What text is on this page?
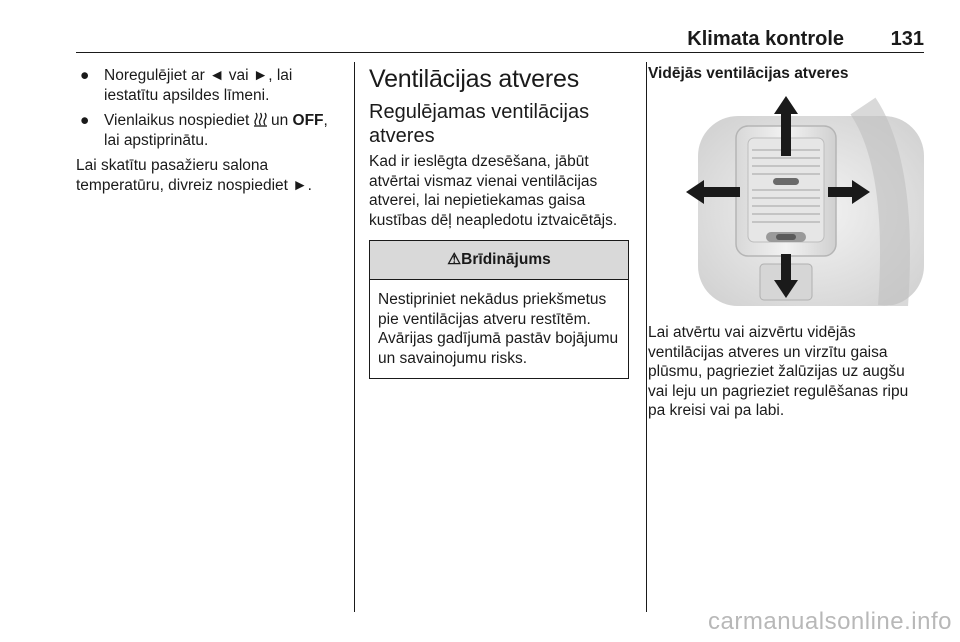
Klimata kontrole 131
● Noregulējiet ar ◄ vai ►, lai iestatītu apsildes līmeni.
● Vienlaikus nospiediet  un OFF, lai apstiprinātu.
Lai skatītu pasažieru salona temperatūru, divreiz nospiediet ►.
Ventilācijas atveres
Regulējamas ventilācijas atveres
Kad ir ieslēgta dzesēšana, jābūt atvērtai vismaz vienai ventilācijas atverei, lai nepietiekamas gaisa kustības dēļ neapledotu iztvaicētājs.
⚠Brīdinājums
Nestipriniet nekādus priekšmetus pie ventilācijas atveru restītēm. Avārijas gadījumā pastāv bojājumu un savainojumu risks.
Vidējās ventilācijas atveres
Lai atvērtu vai aizvērtu vidējās ventilācijas atveres un virzītu gaisa plūsmu, pagrieziet žalūzijas uz augšu vai leju un pagrieziet regulēšanas ripu pa kreisi vai pa labi.
carmanualsonline.info
